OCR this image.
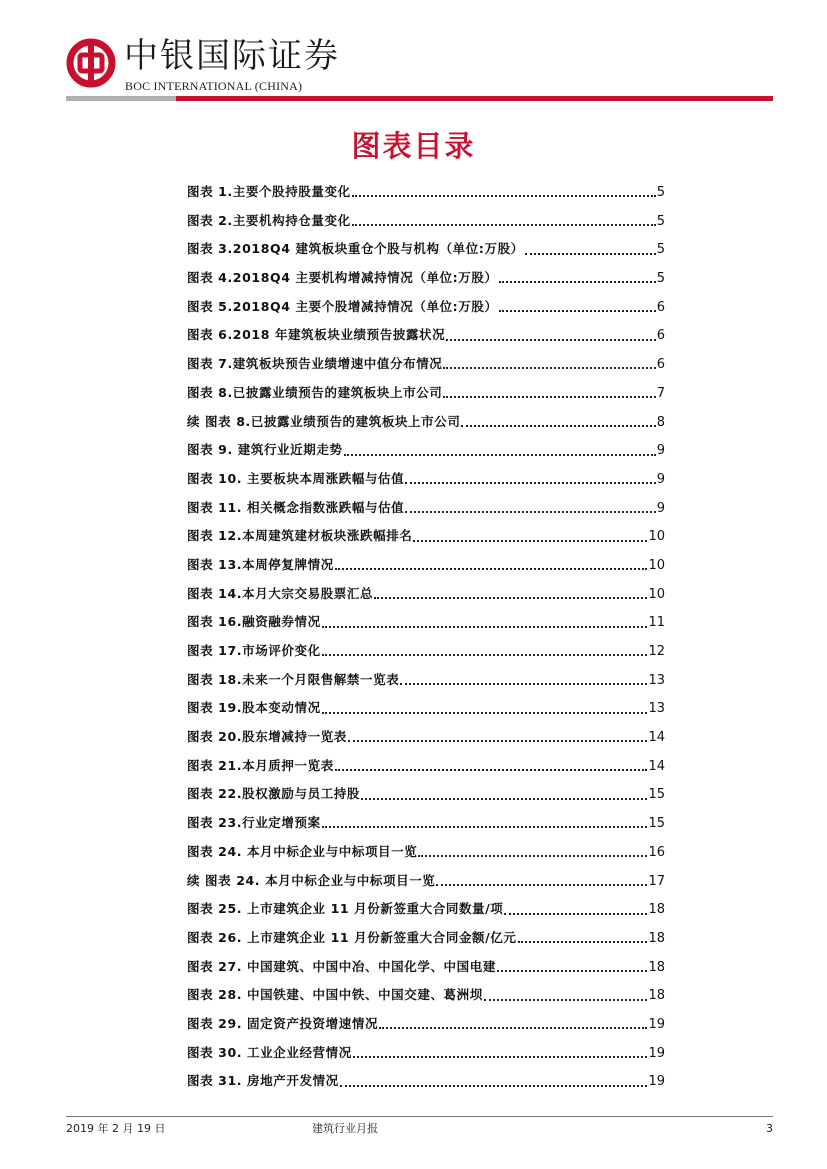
中银国际证券
BOC INTERNATIONAL (CHINA)
图表目录
图表 1.主要个股持股量变化	5
图表 2.主要机构持仓量变化	5
图表 3.2018Q4 建筑板块重仓个股与机构（单位:万股）	5
图表 4.2018Q4 主要机构增减持情况（单位:万股）	5
图表 5.2018Q4 主要个股增减持情况（单位:万股）	6
图表 6.2018 年建筑板块业绩预告披露状况	6
图表 7.建筑板块预告业绩增速中值分布情况	6
图表 8.已披露业绩预告的建筑板块上市公司	7
续 图表 8.已披露业绩预告的建筑板块上市公司	8
图表 9. 建筑行业近期走势	9
图表 10. 主要板块本周涨跌幅与估值	9
图表 11. 相关概念指数涨跌幅与估值	9
图表 12.本周建筑建材板块涨跌幅排名	10
图表 13.本周停复牌情况	10
图表 14.本月大宗交易股票汇总	10
图表 16.融资融券情况	11
图表 17.市场评价变化	12
图表 18.未来一个月限售解禁一览表	13
图表 19.股本变动情况	13
图表 20.股东增减持一览表	14
图表 21.本月质押一览表	14
图表 22.股权激励与员工持股	15
图表 23.行业定增预案	15
图表 24. 本月中标企业与中标项目一览	16
续 图表 24. 本月中标企业与中标项目一览	17
图表 25. 上市建筑企业 11 月份新签重大合同数量/项	18
图表 26. 上市建筑企业 11 月份新签重大合同金额/亿元	18
图表 27. 中国建筑、中国中冶、中国化学、中国电建	18
图表 28. 中国铁建、中国中铁、中国交建、葛洲坝	18
图表 29. 固定资产投资增速情况	19
图表 30. 工业企业经营情况	19
图表 31. 房地产开发情况	19
2019 年 2 月 19 日	建筑行业月报	3
